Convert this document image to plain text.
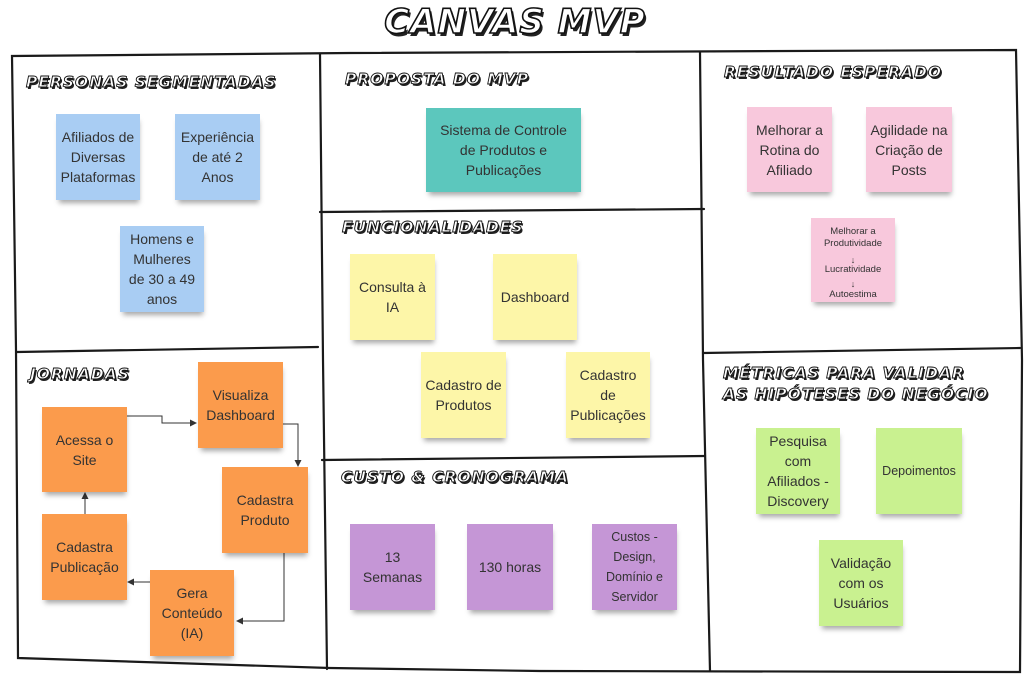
CANVAS MVP
PERSONAS SEGMENTADAS	PROPOSTA DO MVP	RESULTADO ESPERADO
FUNCIONALIDADES
JORNADAS	MÉTRICAS PARA VALIDAR
AS HIPÓTESES DO NEGÓCIO
CUSTO & CRONOGRAMA
Afiliados de Diversas Plataformas
Experiência de até 2 Anos
Homens e Mulheres de 30 a 49 anos
Sistema de Controle de Produtos e Publicações
Melhorar a Rotina do Afiliado
Agilidade na Criação de Posts
Melhorar a Produtividade
↓
Lucratividade
↓
Autoestima
Consulta à IA
Dashboard
Cadastro de Produtos
Cadastro de Publicações
Acessa o Site
Visualiza Dashboard
Cadastra Produto
Gera Conteúdo (IA)
Cadastra Publicação
Pesquisa com Afiliados - Discovery
Depoimentos
Validação com os Usuários
13 Semanas
130 horas
Custos - Design, Domínio e Servidor
